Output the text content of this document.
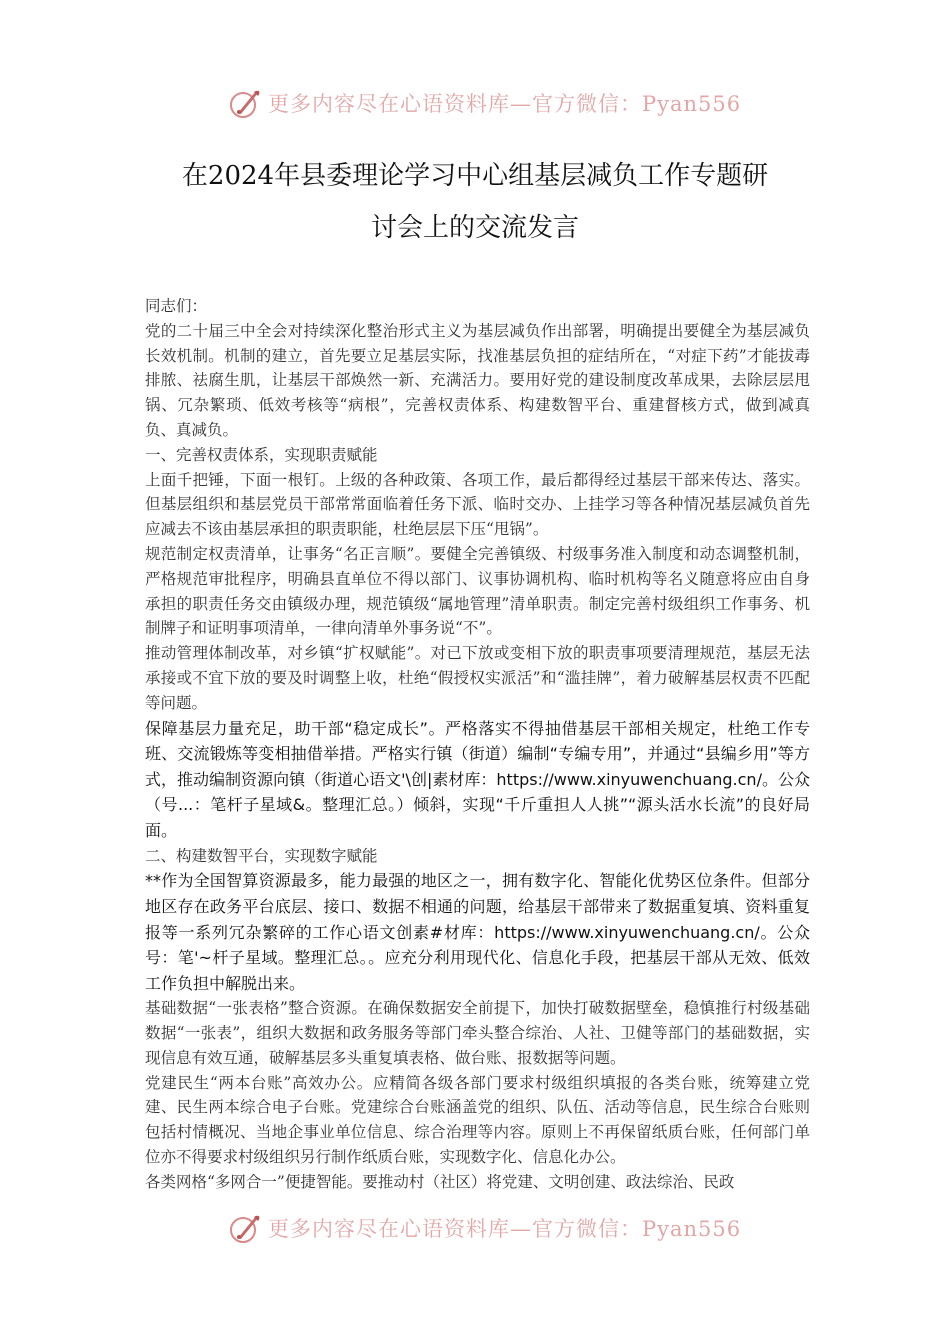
更多内容尽在心语资料库—官方微信：Pyan556
在2024年县委理论学习中心组基层减负工作专题研
讨会上的交流发言

同志们：

党的二十届三中全会对持续深化整治形式主义为基层减负作出部署，明确提出要健全为基层减负长效机制。机制的建立，首先要立足基层实际，找准基层负担的症结所在，“对症下药”才能拔毒排脓、祛腐生肌，让基层干部焕然一新、充满活力。要用好党的建设制度改革成果，去除层层甩锅、冗杂繁琐、低效考核等“病根”，完善权责体系、构建数智平台、重建督核方式，做到减真负、真减负。

一、完善权责体系，实现职责赋能

上面千把锤，下面一根钉。上级的各种政策、各项工作，最后都得经过基层干部来传达、落实。但基层组织和基层党员干部常常面临着任务下派、临时交办、上挂学习等各种情况基层减负首先应减去不该由基层承担的职责职能，杜绝层层下压“甩锅”。

规范制定权责清单，让事务“名正言顺”。要健全完善镇级、村级事务准入制度和动态调整机制，严格规范审批程序，明确县直单位不得以部门、议事协调机构、临时机构等名义随意将应由自身承担的职责任务交由镇级办理，规范镇级“属地管理”清单职责。制定完善村级组织工作事务、机制牌子和证明事项清单，一律向清单外事务说“不”。

推动管理体制改革，对乡镇“扩权赋能”。对已下放或变相下放的职责事项要清理规范，基层无法承接或不宜下放的要及时调整上收，杜绝“假授权实派活”和“滥挂牌”，着力破解基层权责不匹配等问题。

保障基层力量充足，助干部“稳定成长”。严格落实不得抽借基层干部相关规定，杜绝工作专班、交流锻炼等变相抽借举措。严格实行镇（街道）编制“专编专用”，并通过“县编乡用”等方式，推动编制资源向镇（街道心语文'\创|素材库：https://www.xinyuwenchuang.cn/。公众（号...：笔杆子星域&。整理汇总。）倾斜，实现“千斤重担人人挑”“源头活水长流”的良好局面。

二、构建数智平台，实现数字赋能

**作为全国智算资源最多，能力最强的地区之一，拥有数字化、智能化优势区位条件。但部分地区存在政务平台底层、接口、数据不相通的问题，给基层干部带来了数据重复填、资料重复报等一系列冗杂繁碎的工作心语文创素#材库：https://www.xinyuwenchuang.cn/。公众号：笔'~杆子星域。整理汇总。。应充分利用现代化、信息化手段，把基层干部从无效、低效工作负担中解脱出来。

基础数据“一张表格”整合资源。在确保数据安全前提下，加快打破数据壁垒，稳慎推行村级基础数据“一张表”，组织大数据和政务服务等部门牵头整合综治、人社、卫健等部门的基础数据，实现信息有效互通，破解基层多头重复填表格、做台账、报数据等问题。

党建民生“两本台账”高效办公。应精简各级各部门要求村级组织填报的各类台账，统筹建立党建、民生两本综合电子台账。党建综合台账涵盖党的组织、队伍、活动等信息，民生综合台账则包括村情概况、当地企事业单位信息、综合治理等内容。原则上不再保留纸质台账，任何部门单位亦不得要求村级组织另行制作纸质台账，实现数字化、信息化办公。

各类网格“多网合一”便捷智能。要推动村（社区）将党建、文明创建、政法综治、民政

更多内容尽在心语资料库—官方微信：Pyan556
